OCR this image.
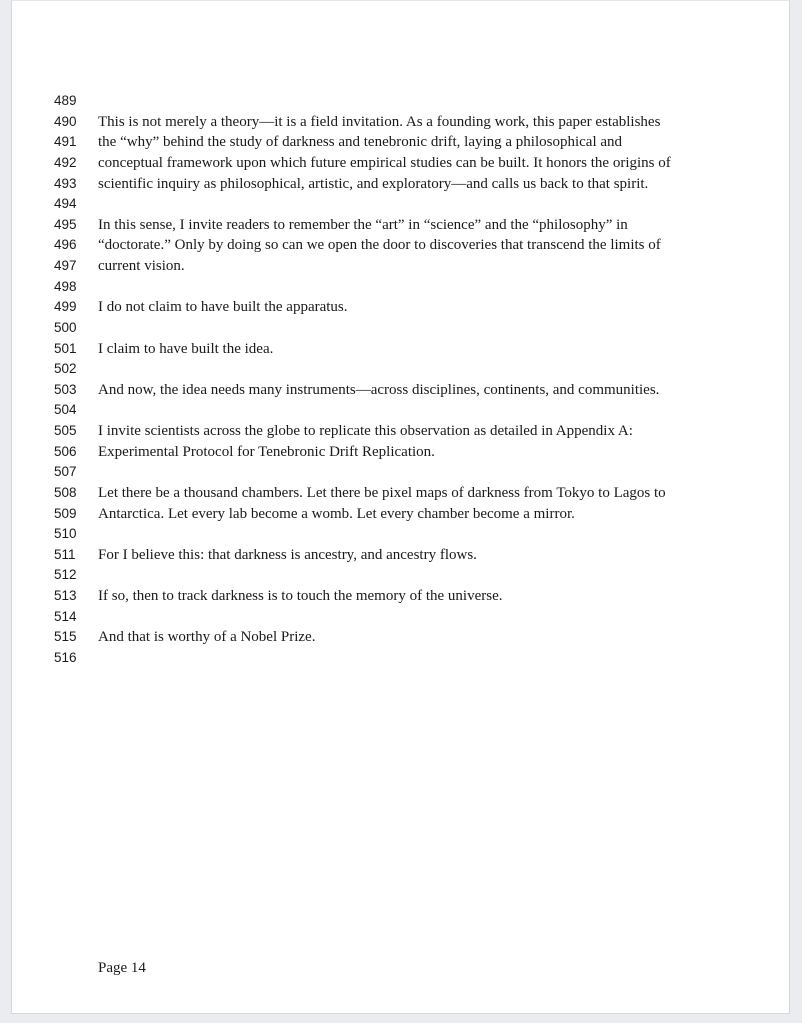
489
490 This is not merely a theory—it is a field invitation. As a founding work, this paper establishes
491 the “why” behind the study of darkness and tenebronic drift, laying a philosophical and
492 conceptual framework upon which future empirical studies can be built. It honors the origins of
493 scientific inquiry as philosophical, artistic, and exploratory—and calls us back to that spirit.
494
495 In this sense, I invite readers to remember the “art” in “science” and the “philosophy” in
496 “doctorate.” Only by doing so can we open the door to discoveries that transcend the limits of
497 current vision.
498
499 I do not claim to have built the apparatus.
500
501 I claim to have built the idea.
502
503 And now, the idea needs many instruments—across disciplines, continents, and communities.
504
505 I invite scientists across the globe to replicate this observation as detailed in Appendix A:
506 Experimental Protocol for Tenebronic Drift Replication.
507
508 Let there be a thousand chambers. Let there be pixel maps of darkness from Tokyo to Lagos to
509 Antarctica. Let every lab become a womb. Let every chamber become a mirror.
510
511 For I believe this: that darkness is ancestry, and ancestry flows.
512
513 If so, then to track darkness is to touch the memory of the universe.
514
515 And that is worthy of a Nobel Prize.
516
Page 14
